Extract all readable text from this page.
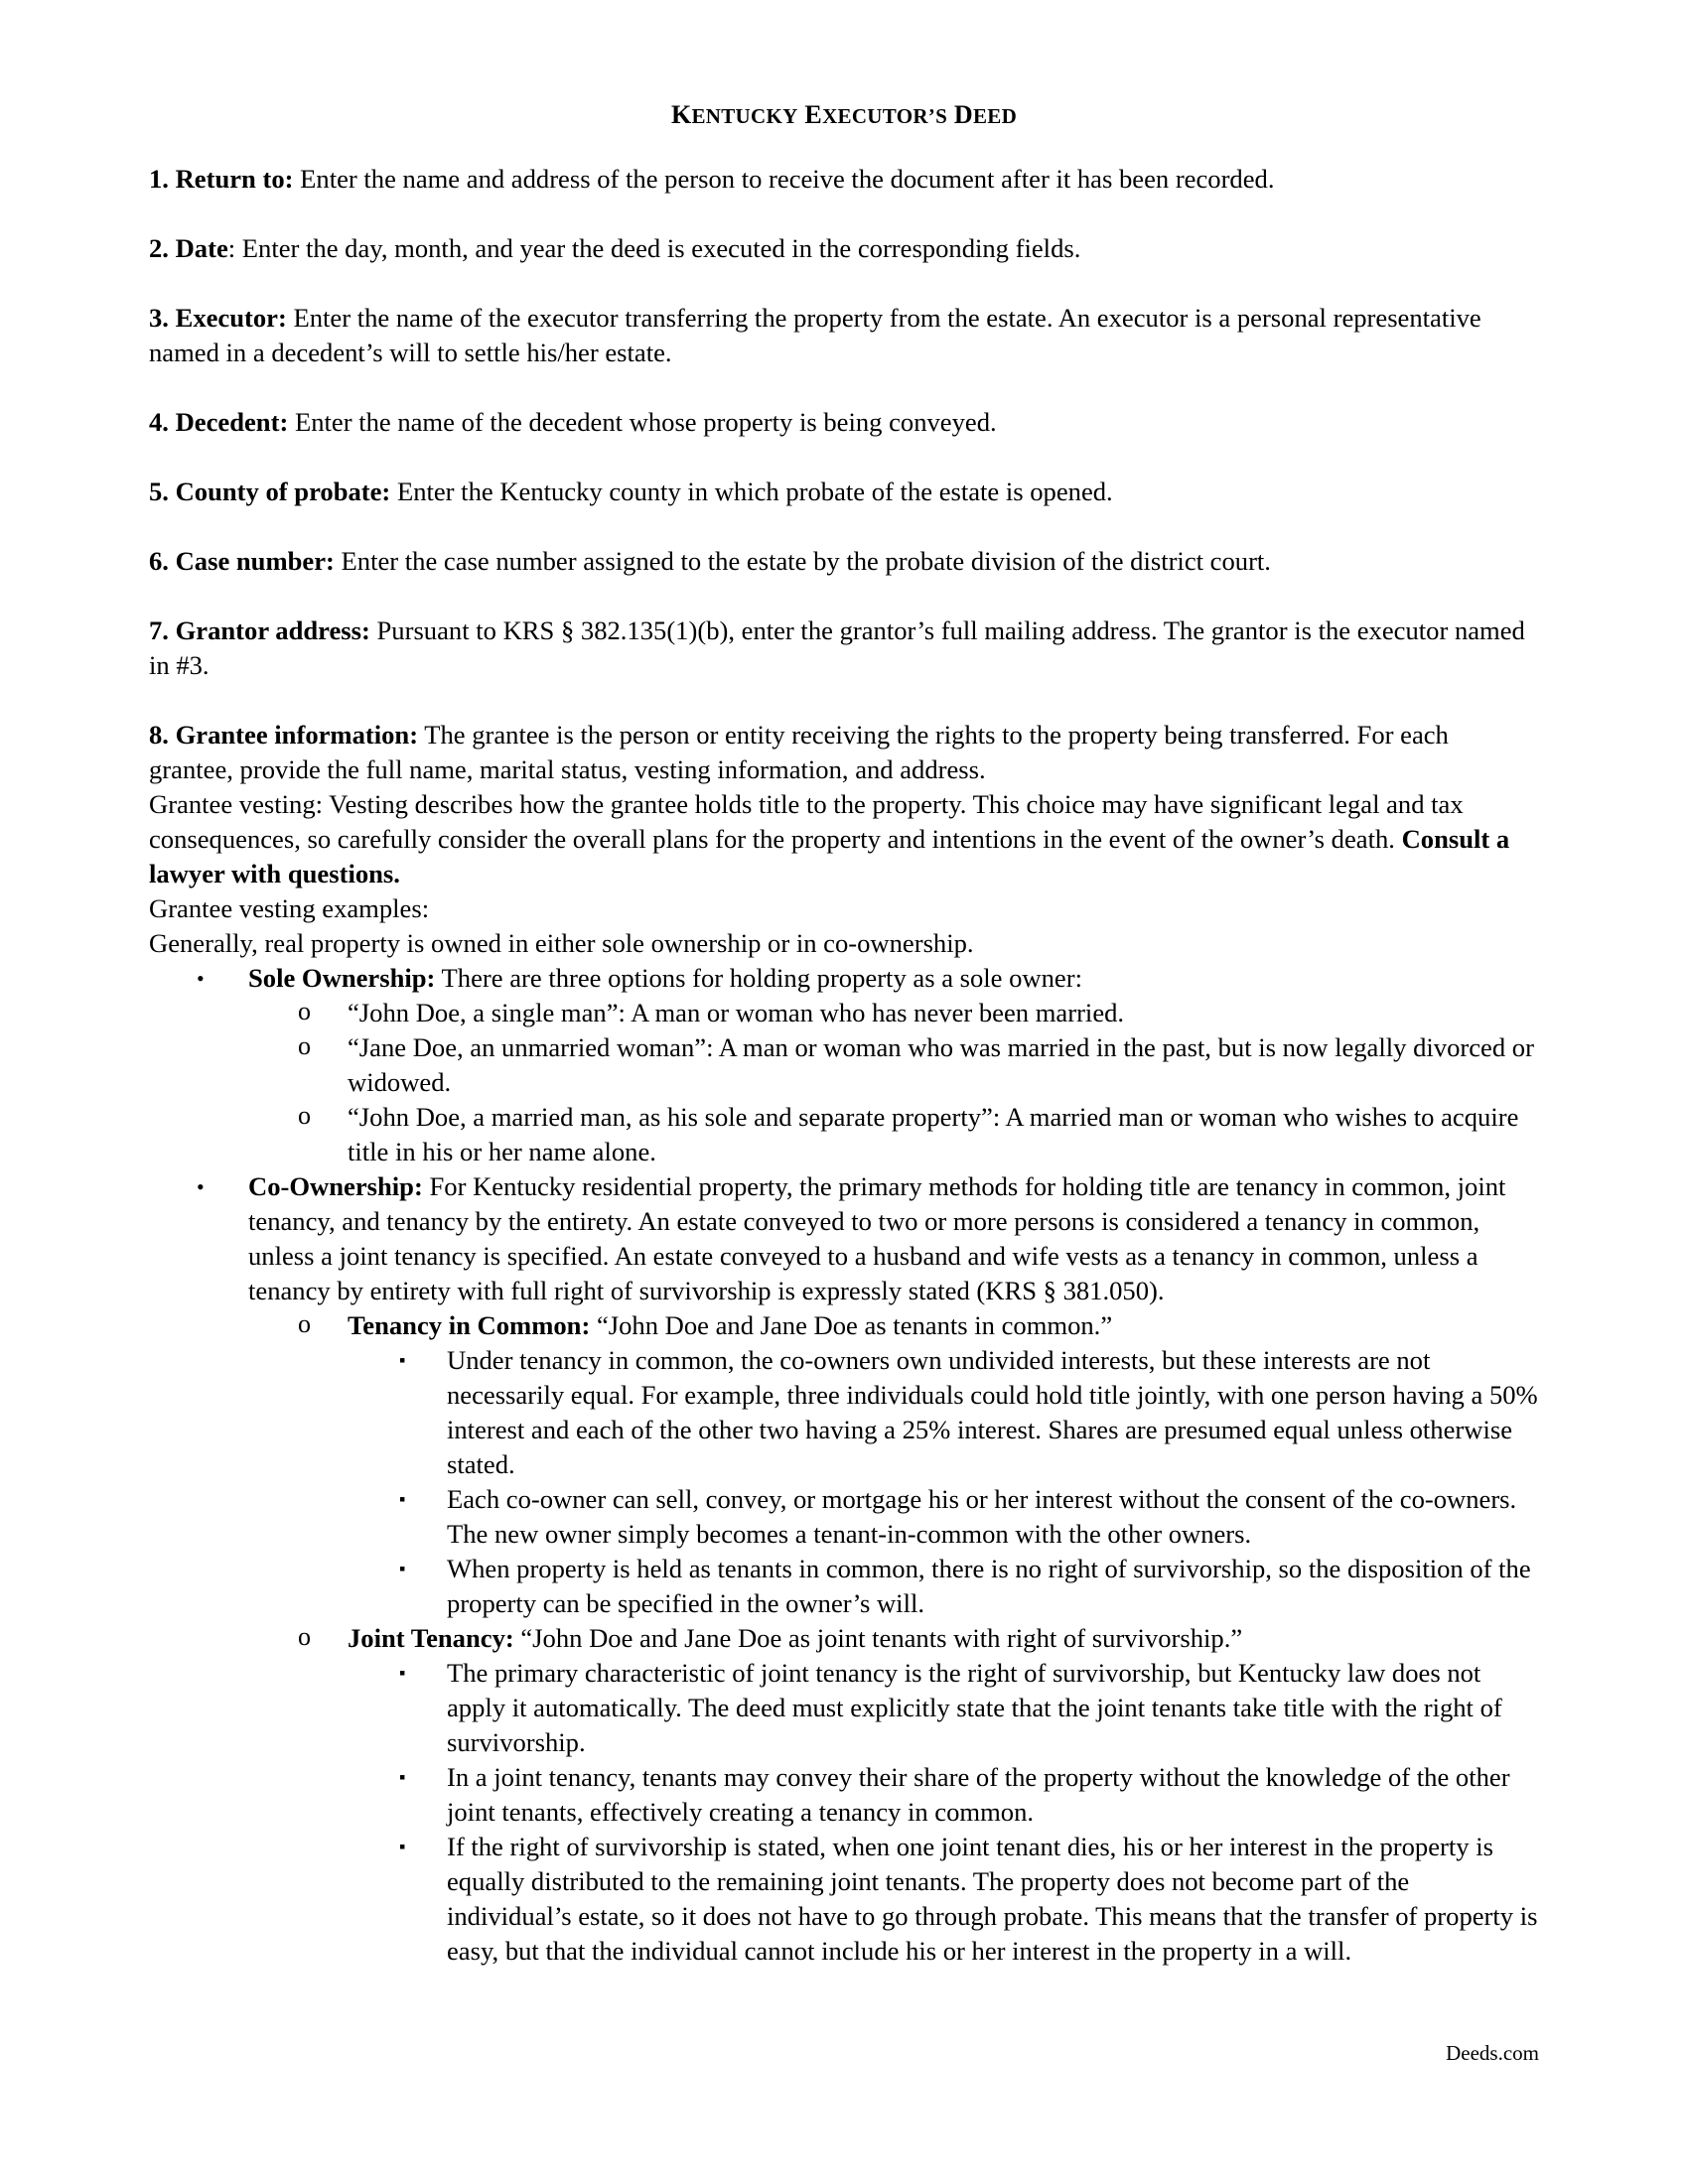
KENTUCKY EXECUTOR’S DEED

1. Return to: Enter the name and address of the person to receive the document after it has been recorded.

2. Date: Enter the day, month, and year the deed is executed in the corresponding fields.

3. Executor: Enter the name of the executor transferring the property from the estate. An executor is a personal representative named in a decedent’s will to settle his/her estate.

4. Decedent: Enter the name of the decedent whose property is being conveyed.

5. County of probate: Enter the Kentucky county in which probate of the estate is opened.

6. Case number: Enter the case number assigned to the estate by the probate division of the district court.

7. Grantor address: Pursuant to KRS § 382.135(1)(b), enter the grantor’s full mailing address. The grantor is the executor named in #3.

8. Grantee information: The grantee is the person or entity receiving the rights to the property being transferred. For each grantee, provide the full name, marital status, vesting information, and address.

Grantee vesting: Vesting describes how the grantee holds title to the property. This choice may have significant legal and tax consequences, so carefully consider the overall plans for the property and intentions in the event of the owner’s death. Consult a lawyer with questions.

Grantee vesting examples:

Generally, real property is owned in either sole ownership or in co-ownership.

• Sole Ownership: There are three options for holding property as a sole owner:
o “John Doe, a single man”: A man or woman who has never been married.
o “Jane Doe, an unmarried woman”: A man or woman who was married in the past, but is now legally divorced or widowed.
o “John Doe, a married man, as his sole and separate property”: A married man or woman who wishes to acquire title in his or her name alone.
• Co-Ownership: For Kentucky residential property, the primary methods for holding title are tenancy in common, joint tenancy, and tenancy by the entirety. An estate conveyed to two or more persons is considered a tenancy in common, unless a joint tenancy is specified. An estate conveyed to a husband and wife vests as a tenancy in common, unless a tenancy by entirety with full right of survivorship is expressly stated (KRS § 381.050).
o Tenancy in Common: “John Doe and Jane Doe as tenants in common.”
▪ Under tenancy in common, the co-owners own undivided interests, but these interests are not necessarily equal. For example, three individuals could hold title jointly, with one person having a 50% interest and each of the other two having a 25% interest. Shares are presumed equal unless otherwise stated.
▪ Each co-owner can sell, convey, or mortgage his or her interest without the consent of the co-owners. The new owner simply becomes a tenant-in-common with the other owners.
▪ When property is held as tenants in common, there is no right of survivorship, so the disposition of the property can be specified in the owner’s will.
o Joint Tenancy: “John Doe and Jane Doe as joint tenants with right of survivorship.”
▪ The primary characteristic of joint tenancy is the right of survivorship, but Kentucky law does not apply it automatically. The deed must explicitly state that the joint tenants take title with the right of survivorship.
▪ In a joint tenancy, tenants may convey their share of the property without the knowledge of the other joint tenants, effectively creating a tenancy in common.
▪ If the right of survivorship is stated, when one joint tenant dies, his or her interest in the property is equally distributed to the remaining joint tenants. The property does not become part of the individual’s estate, so it does not have to go through probate. This means that the transfer of property is easy, but that the individual cannot include his or her interest in the property in a will.
Deeds.com
